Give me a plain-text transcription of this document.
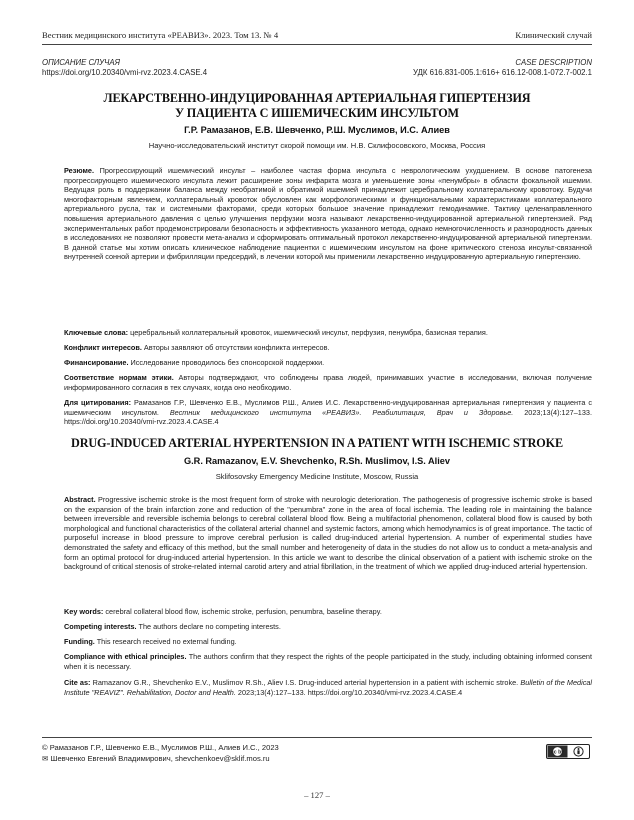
Вестник медицинского института «РЕАВИЗ». 2023. Том 13. № 4	Клинический случай
ОПИСАНИЕ СЛУЧАЯ	CASE DESCRIPTION
https://doi.org/10.20340/vmi-rvz.2023.4.CASE.4	УДК 616.831-005.1:616+ 616.12-008.1-072.7-002.1
ЛЕКАРСТВЕННО-ИНДУЦИРОВАННАЯ АРТЕРИАЛЬНАЯ ГИПЕРТЕНЗИЯ
У ПАЦИЕНТА С ИШЕМИЧЕСКИМ ИНСУЛЬТОМ
Г.Р. Рамазанов, Е.В. Шевченко, Р.Ш. Муслимов, И.С. Алиев
Научно-исследовательский институт скорой помощи им. Н.В. Склифосовского, Москва, Россия
Резюме. Прогрессирующий ишемический инсульт – наиболее частая форма инсульта с неврологическим ухудшением. В основе патогенеза прогрессирующего ишемического инсульта лежит расширение зоны инфаркта мозга и уменьшение зоны «пенумбры» в области фокальной ишемии. Ведущая роль в поддержании баланса между необратимой и обратимой ишемией принадлежит церебральному коллатеральному кровотоку. Будучи многофакторным явлением, коллатеральный кровоток обусловлен как морфологическими и функциональными характеристиками коллатерального артериального русла, так и системными факторами, среди которых большое значение принадлежит гемодинамике. Тактику целенаправленного повышения артериального давления с целью улучшения перфузии мозга называют лекарственно-индуцированной артериальной гипертензией. Ряд экспериментальных работ продемонстрировали безопасность и эффективность указанного метода, однако немногочисленность и разнородность данных в исследованиях не позволяют провести мета-анализ и сформировать оптимальный протокол лекарственно-индуцированной артериальной гипертензии. В данной статье мы хотим описать клиническое наблюдение пациентки с ишемическим инсультом на фоне критического стеноза инсульт-связанной внутренней сонной артерии и фибрилляции предсердий, в лечении которой мы применили лекарственно индуцированную артериальную гипертензию.
Ключевые слова: церебральный коллатеральный кровоток, ишемический инсульт, перфузия, пенумбра, базисная терапия.
Конфликт интересов. Авторы заявляют об отсутствии конфликта интересов.
Финансирование. Исследование проводилось без спонсорской поддержки.
Соответствие нормам этики. Авторы подтверждают, что соблюдены права людей, принимавших участие в исследовании, включая получение информированного согласия в тех случаях, когда оно необходимо.
Для цитирования: Рамазанов Г.Р., Шевченко Е.В., Муслимов Р.Ш., Алиев И.С. Лекарственно-индуцированная артериальная гипертензия у пациента с ишемическим инсультом. Вестник медицинского института «РЕАВИЗ». Реабилитация, Врач и Здоровье. 2023;13(4):127–133. https://doi.org/10.20340/vmi-rvz.2023.4.CASE.4
DRUG-INDUCED ARTERIAL HYPERTENSION IN A PATIENT WITH ISCHEMIC STROKE
G.R. Ramazanov, E.V. Shevchenko, R.Sh. Muslimov, I.S. Aliev
Sklifosovsky Emergency Medicine Institute, Moscow, Russia
Abstract. Progressive ischemic stroke is the most frequent form of stroke with neurologic deterioration. The pathogenesis of progressive ischemic stroke is based on the expansion of the brain infarction zone and reduction of the "penumbra" zone in the area of focal ischemia. The leading role in maintaining the balance between irreversible and reversible ischemia belongs to cerebral collateral blood flow. Being a multifactorial phenomenon, collateral blood flow is caused by both morphological and functional characteristics of the collateral arterial channel and systemic factors, among which hemodynamics is of great importance. The tactic of purposeful increase in blood pressure to improve cerebral perfusion is called drug-induced arterial hypertension. A number of experimental studies have demonstrated the safety and efficacy of this method, but the small number and heterogeneity of data in the studies do not allow us to conduct a meta-analysis and form an optimal protocol for drug-induced arterial hypertension. In this article we want to describe the clinical observation of a patient with ischemic stroke on the background of critical stenosis of stroke-related internal carotid artery and atrial fibrillation, in the treatment of which we applied drug-induced arterial hypertension.
Key words: cerebral collateral blood flow, ischemic stroke, perfusion, penumbra, baseline therapy.
Competing interests. The authors declare no competing interests.
Funding. This research received no external funding.
Compliance with ethical principles. The authors confirm that they respect the rights of the people participated in the study, including obtaining informed consent when it is necessary.
Cite as: Ramazanov G.R., Shevchenko E.V., Muslimov R.Sh., Aliev I.S. Drug-induced arterial hypertension in a patient with ischemic stroke. Bulletin of the Medical Institute "REAVIZ". Rehabilitation, Doctor and Health. 2023;13(4):127–133. https://doi.org/10.20340/vmi-rvz.2023.4.CASE.4
© Рамазанов Г.Р., Шевченко Е.В., Муслимов Р.Ш., Алиев И.С., 2023
✉ Шевченко Евгений Владимирович, shevchenkoev@sklif.mos.ru
cc by
– 127 –
